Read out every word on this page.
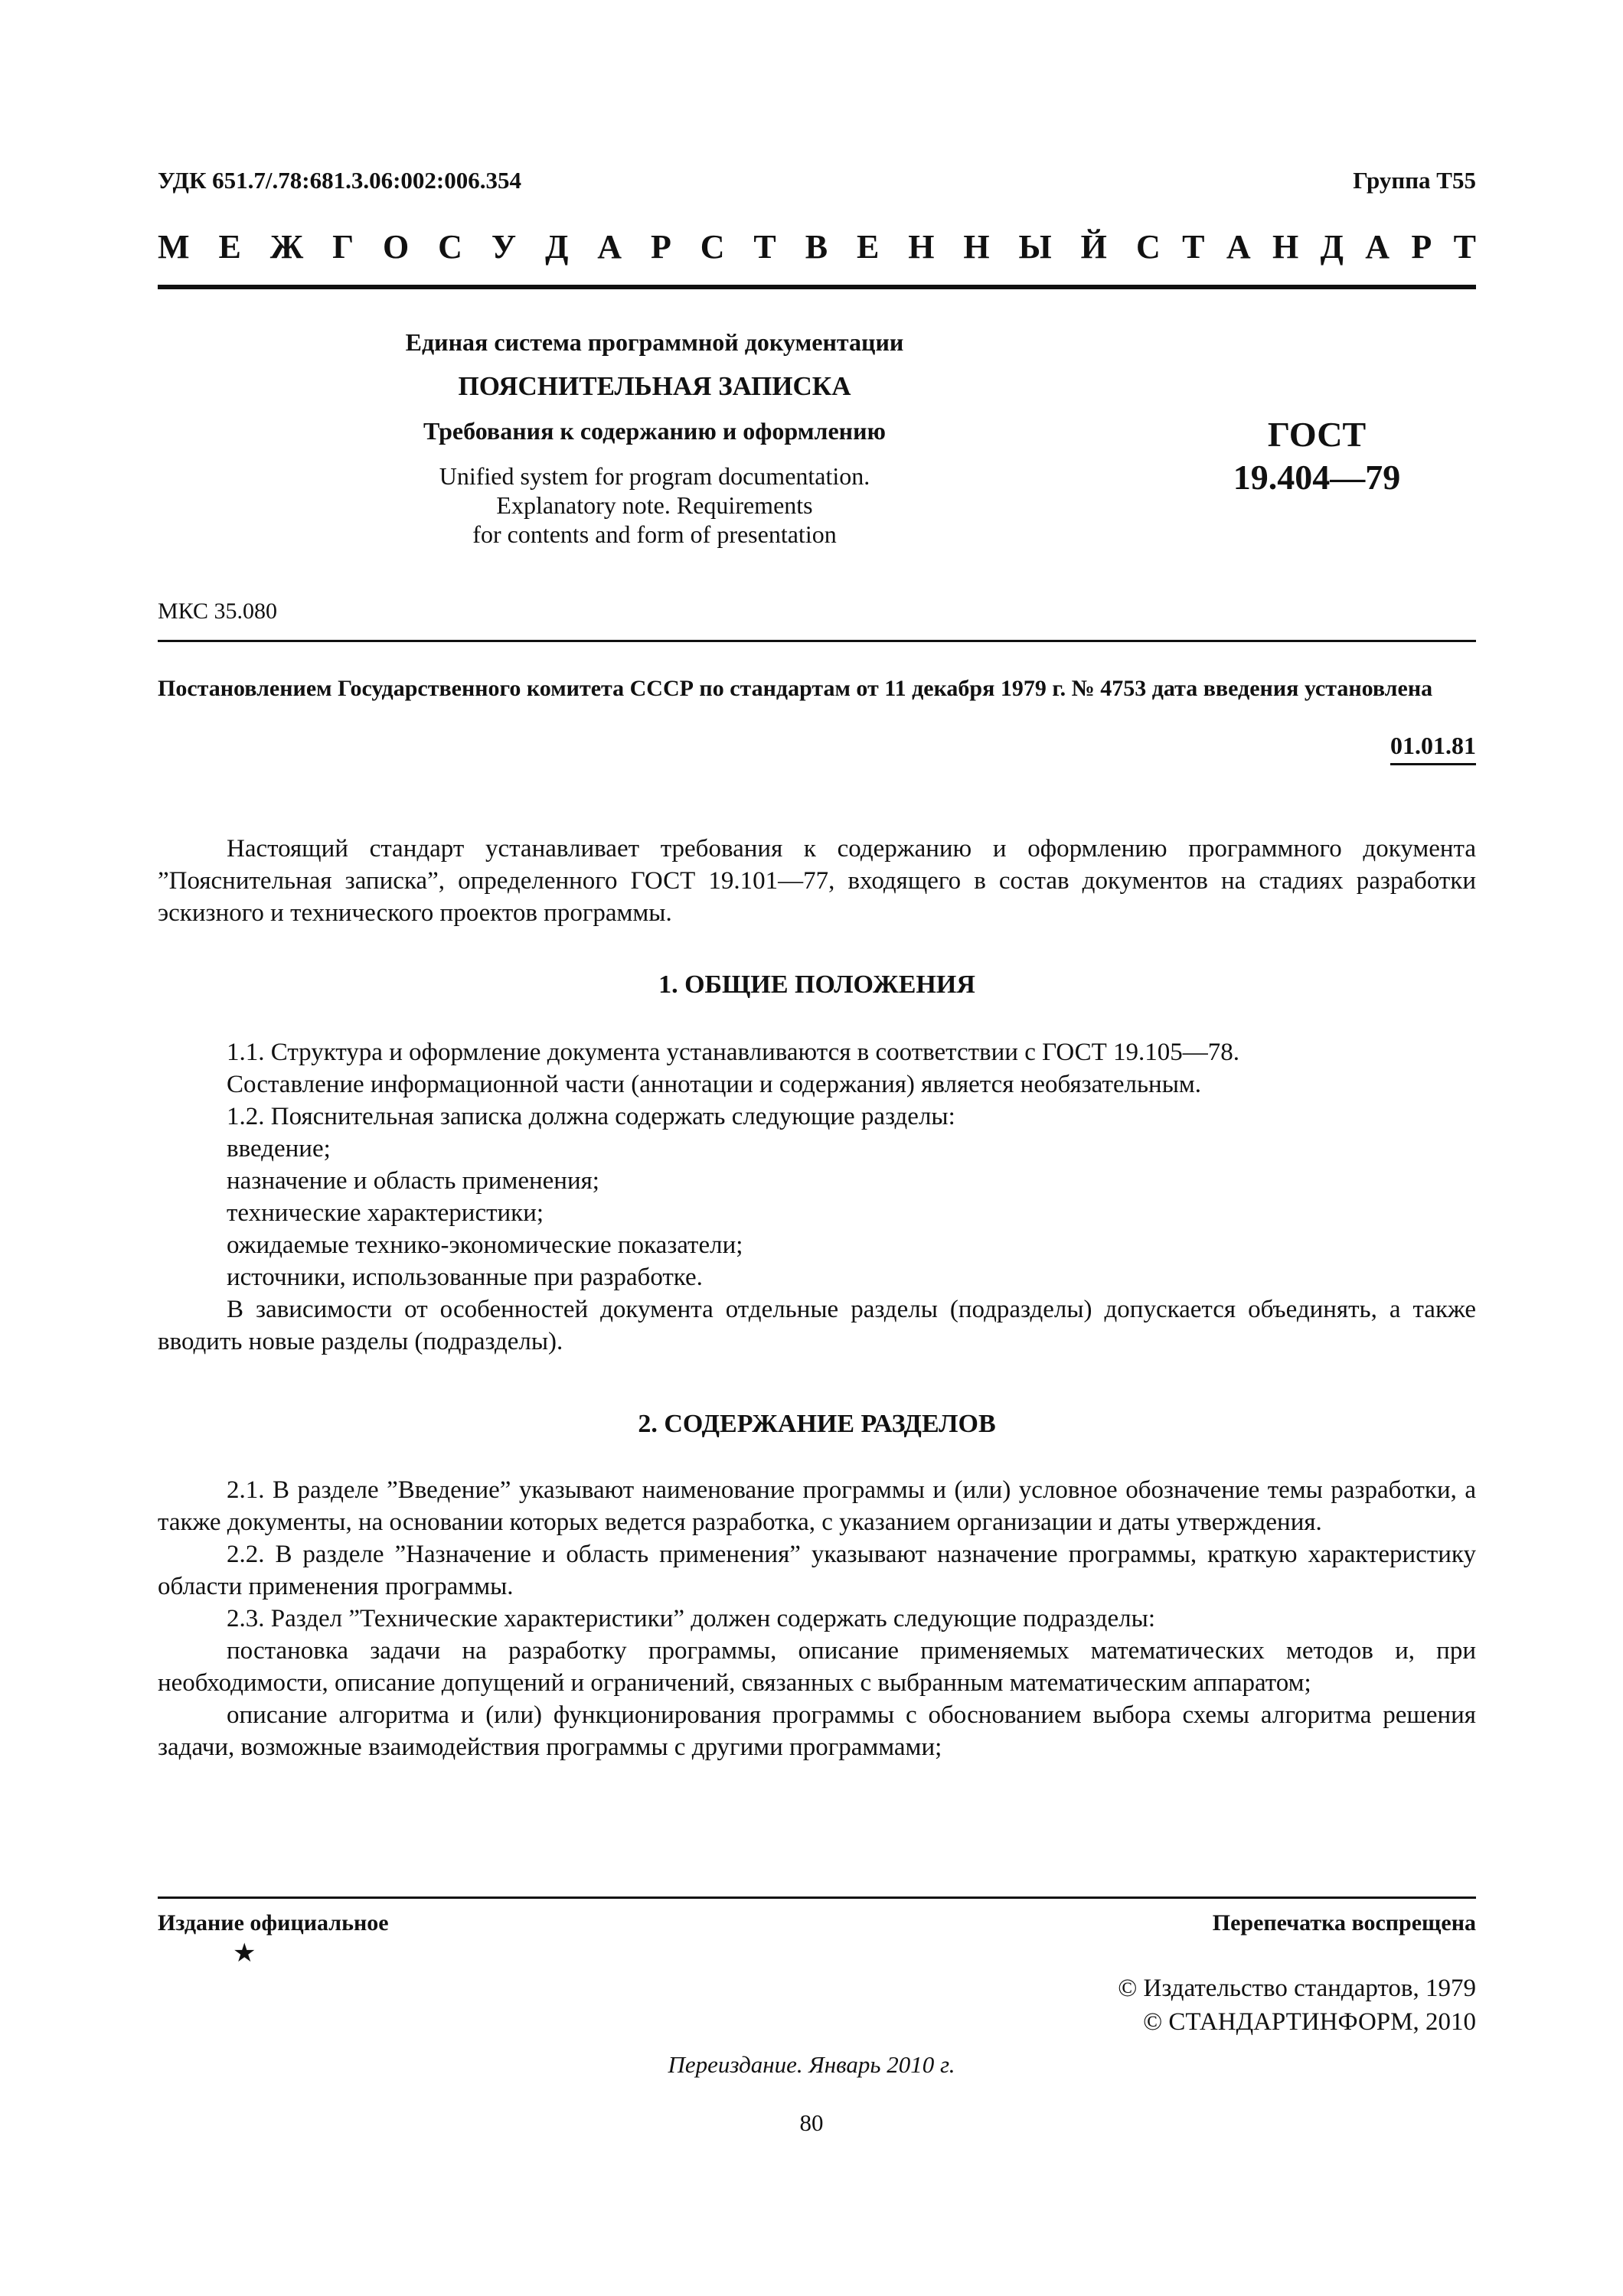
УДК 651.7/.78:681.3.06:002:006.354	Группа Т55
М Е Ж Г О С У Д А Р С Т В Е Н Н Ы Й С Т А Н Д А Р Т
Единая система программной документации
ПОЯСНИТЕЛЬНАЯ ЗАПИСКА
Требования к содержанию и оформлению
Unified system for program documentation.
Explanatory note. Requirements
for contents and form of presentation
ГОСТ
19.404—79
МКС 35.080
Постановлением Государственного комитета СССР по стандартам от 11 декабря 1979 г. № 4753 дата введения установлена
01.01.81

Настоящий стандарт устанавливает требования к содержанию и оформлению программного документа ”Пояснительная записка”, определенного ГОСТ 19.101—77, входящего в состав документов на стадиях разработки эскизного и технического проектов программы.

1. ОБЩИЕ ПОЛОЖЕНИЯ

1.1. Структура и оформление документа устанавливаются в соответствии с ГОСТ 19.105—78.

Составление информационной части (аннотации и содержания) является необязательным.

1.2. Пояснительная записка должна содержать следующие разделы:

введение;

назначение и область применения;

технические характеристики;

ожидаемые технико-экономические показатели;

источники, использованные при разработке.

В зависимости от особенностей документа отдельные разделы (подразделы) допускается объединять, а также вводить новые разделы (подразделы).

2. СОДЕРЖАНИЕ РАЗДЕЛОВ

2.1. В разделе ”Введение” указывают наименование программы и (или) условное обозначение темы разработки, а также документы, на основании которых ведется разработка, с указанием организации и даты утверждения.

2.2. В разделе ”Назначение и область применения” указывают назначение программы, краткую характеристику области применения программы.

2.3. Раздел ”Технические характеристики” должен содержать следующие подразделы:

постановка задачи на разработку программы, описание применяемых математических методов и, при необходимости, описание допущений и ограничений, связанных с выбранным математическим аппаратом;

описание алгоритма и (или) функционирования программы с обоснованием выбора схемы алгоритма решения задачи, возможные взаимодействия программы с другими программами;

Издание официальное
★
Перепечатка воспрещена
© Издательство стандартов, 1979
© СТАНДАРТИНФОРМ, 2010
Переиздание. Январь 2010 г.
80
